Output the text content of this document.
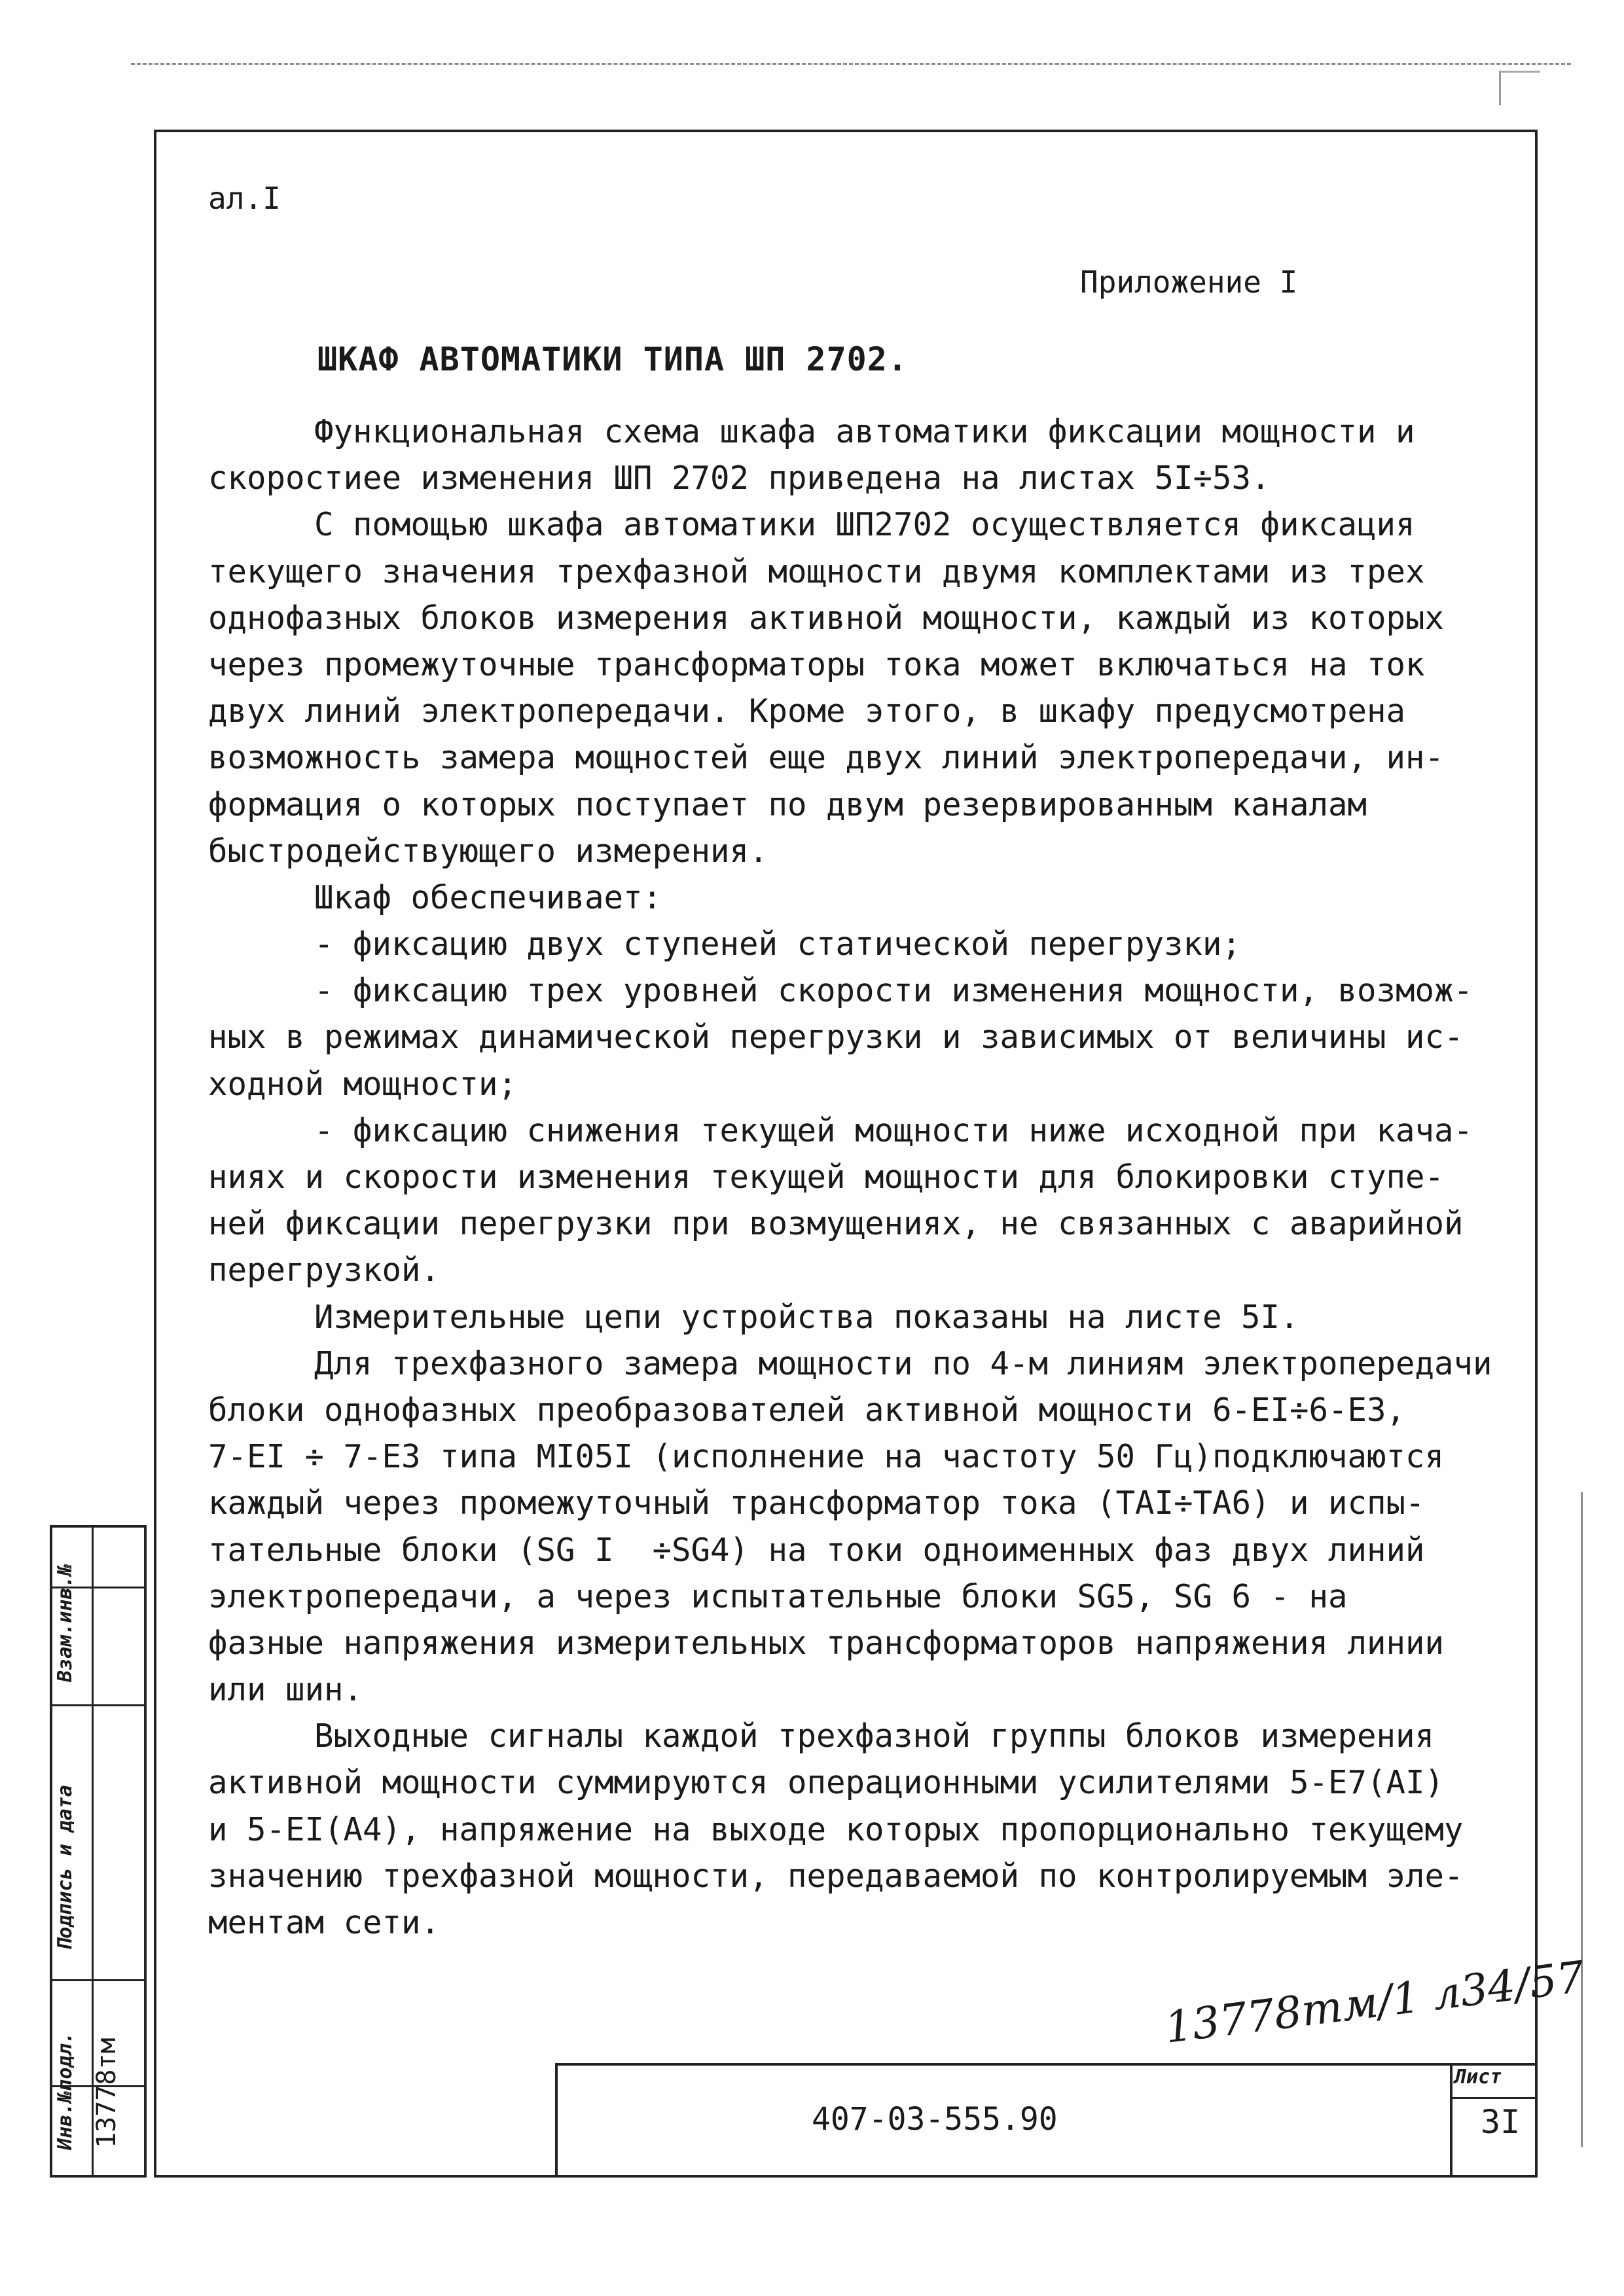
ал.I
Приложение I
ШКАФ АВТОМАТИКИ ТИПА ШП 2702.
Функциональная схема шкафа автоматики фиксации мощности и
скоростиее изменения ШП 2702 приведена на листах 5I÷53.
С помощью шкафа автоматики ШП2702 осуществляется фиксация
текущего значения трехфазной мощности двумя комплектами из трех
однофазных блоков измерения активной мощности, каждый из которых
через промежуточные трансформаторы тока может включаться на ток
двух линий электропередачи. Кроме этого, в шкафу предусмотрена
возможность замера мощностей еще двух линий электропередачи, ин-
формация о которых поступает по двум резервированным каналам
быстродействующего измерения.
Шкаф обеспечивает:
- фиксацию двух ступеней статической перегрузки;
- фиксацию трех уровней скорости изменения мощности, возмож-
ных в режимах динамической перегрузки и зависимых от величины ис-
ходной мощности;
- фиксацию снижения текущей мощности ниже исходной при кача-
ниях и скорости изменения текущей мощности для блокировки ступе-
ней фиксации перегрузки при возмущениях, не связанных с аварийной
перегрузкой.
Измерительные цепи устройства показаны на листе 5I.
Для трехфазного замера мощности по 4-м линиям электропередачи
блоки однофазных преобразователей активной мощности 6-EI÷6-E3,
7-EI ÷ 7-E3 типа MI05I (исполнение на частоту 50 Гц)подключаются
каждый через промежуточный трансформатор тока (TAI÷TA6) и испы-
тательные блоки (SG I  ÷SG4) на токи одноименных фаз двух линий
электропередачи, а через испытательные блоки SG5, SG 6 - на
фазные напряжения измерительных трансформаторов напряжения линии
или шин.
Выходные сигналы каждой трехфазной группы блоков измерения
активной мощности суммируются операционными усилителями 5-E7(AI)
и 5-EI(A4), напряжение на выходе которых пропорционально текущему
значению трехфазной мощности, передаваемой по контролируемым эле-
ментам сети.
13778тм/1 л34/57
407-03-555.90
Лист
3I
Взам.инв.№
Подпись и дата
Инв.№подл. 13778тм
